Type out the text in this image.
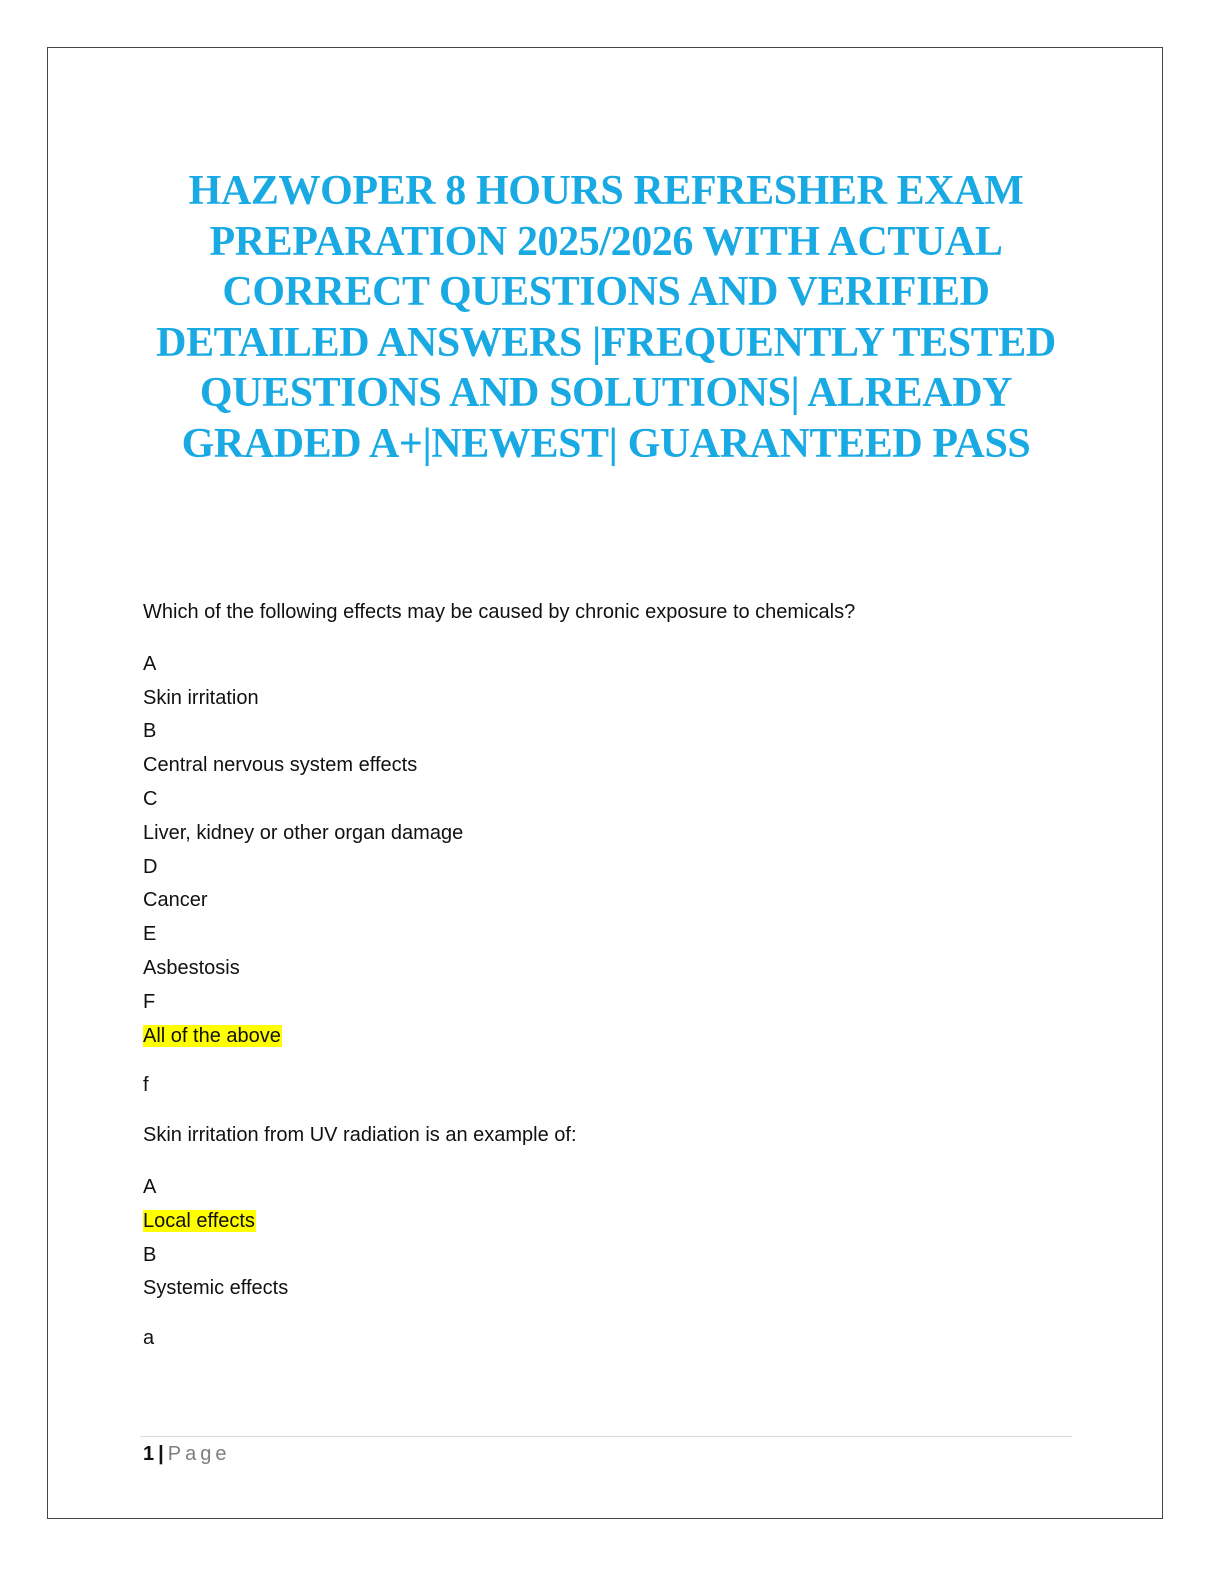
HAZWOPER 8 HOURS REFRESHER EXAM PREPARATION 2025/2026 WITH ACTUAL CORRECT QUESTIONS AND VERIFIED DETAILED ANSWERS |FREQUENTLY TESTED QUESTIONS AND SOLUTIONS| ALREADY GRADED A+|NEWEST| GUARANTEED PASS
Which of the following effects may be caused by chronic exposure to chemicals?
A
Skin irritation
B
Central nervous system effects
C
Liver, kidney or other organ damage
D
Cancer
E
Asbestosis
F
All of the above
f
Skin irritation from UV radiation is an example of:
A
Local effects
B
Systemic effects
a
1 | Page
